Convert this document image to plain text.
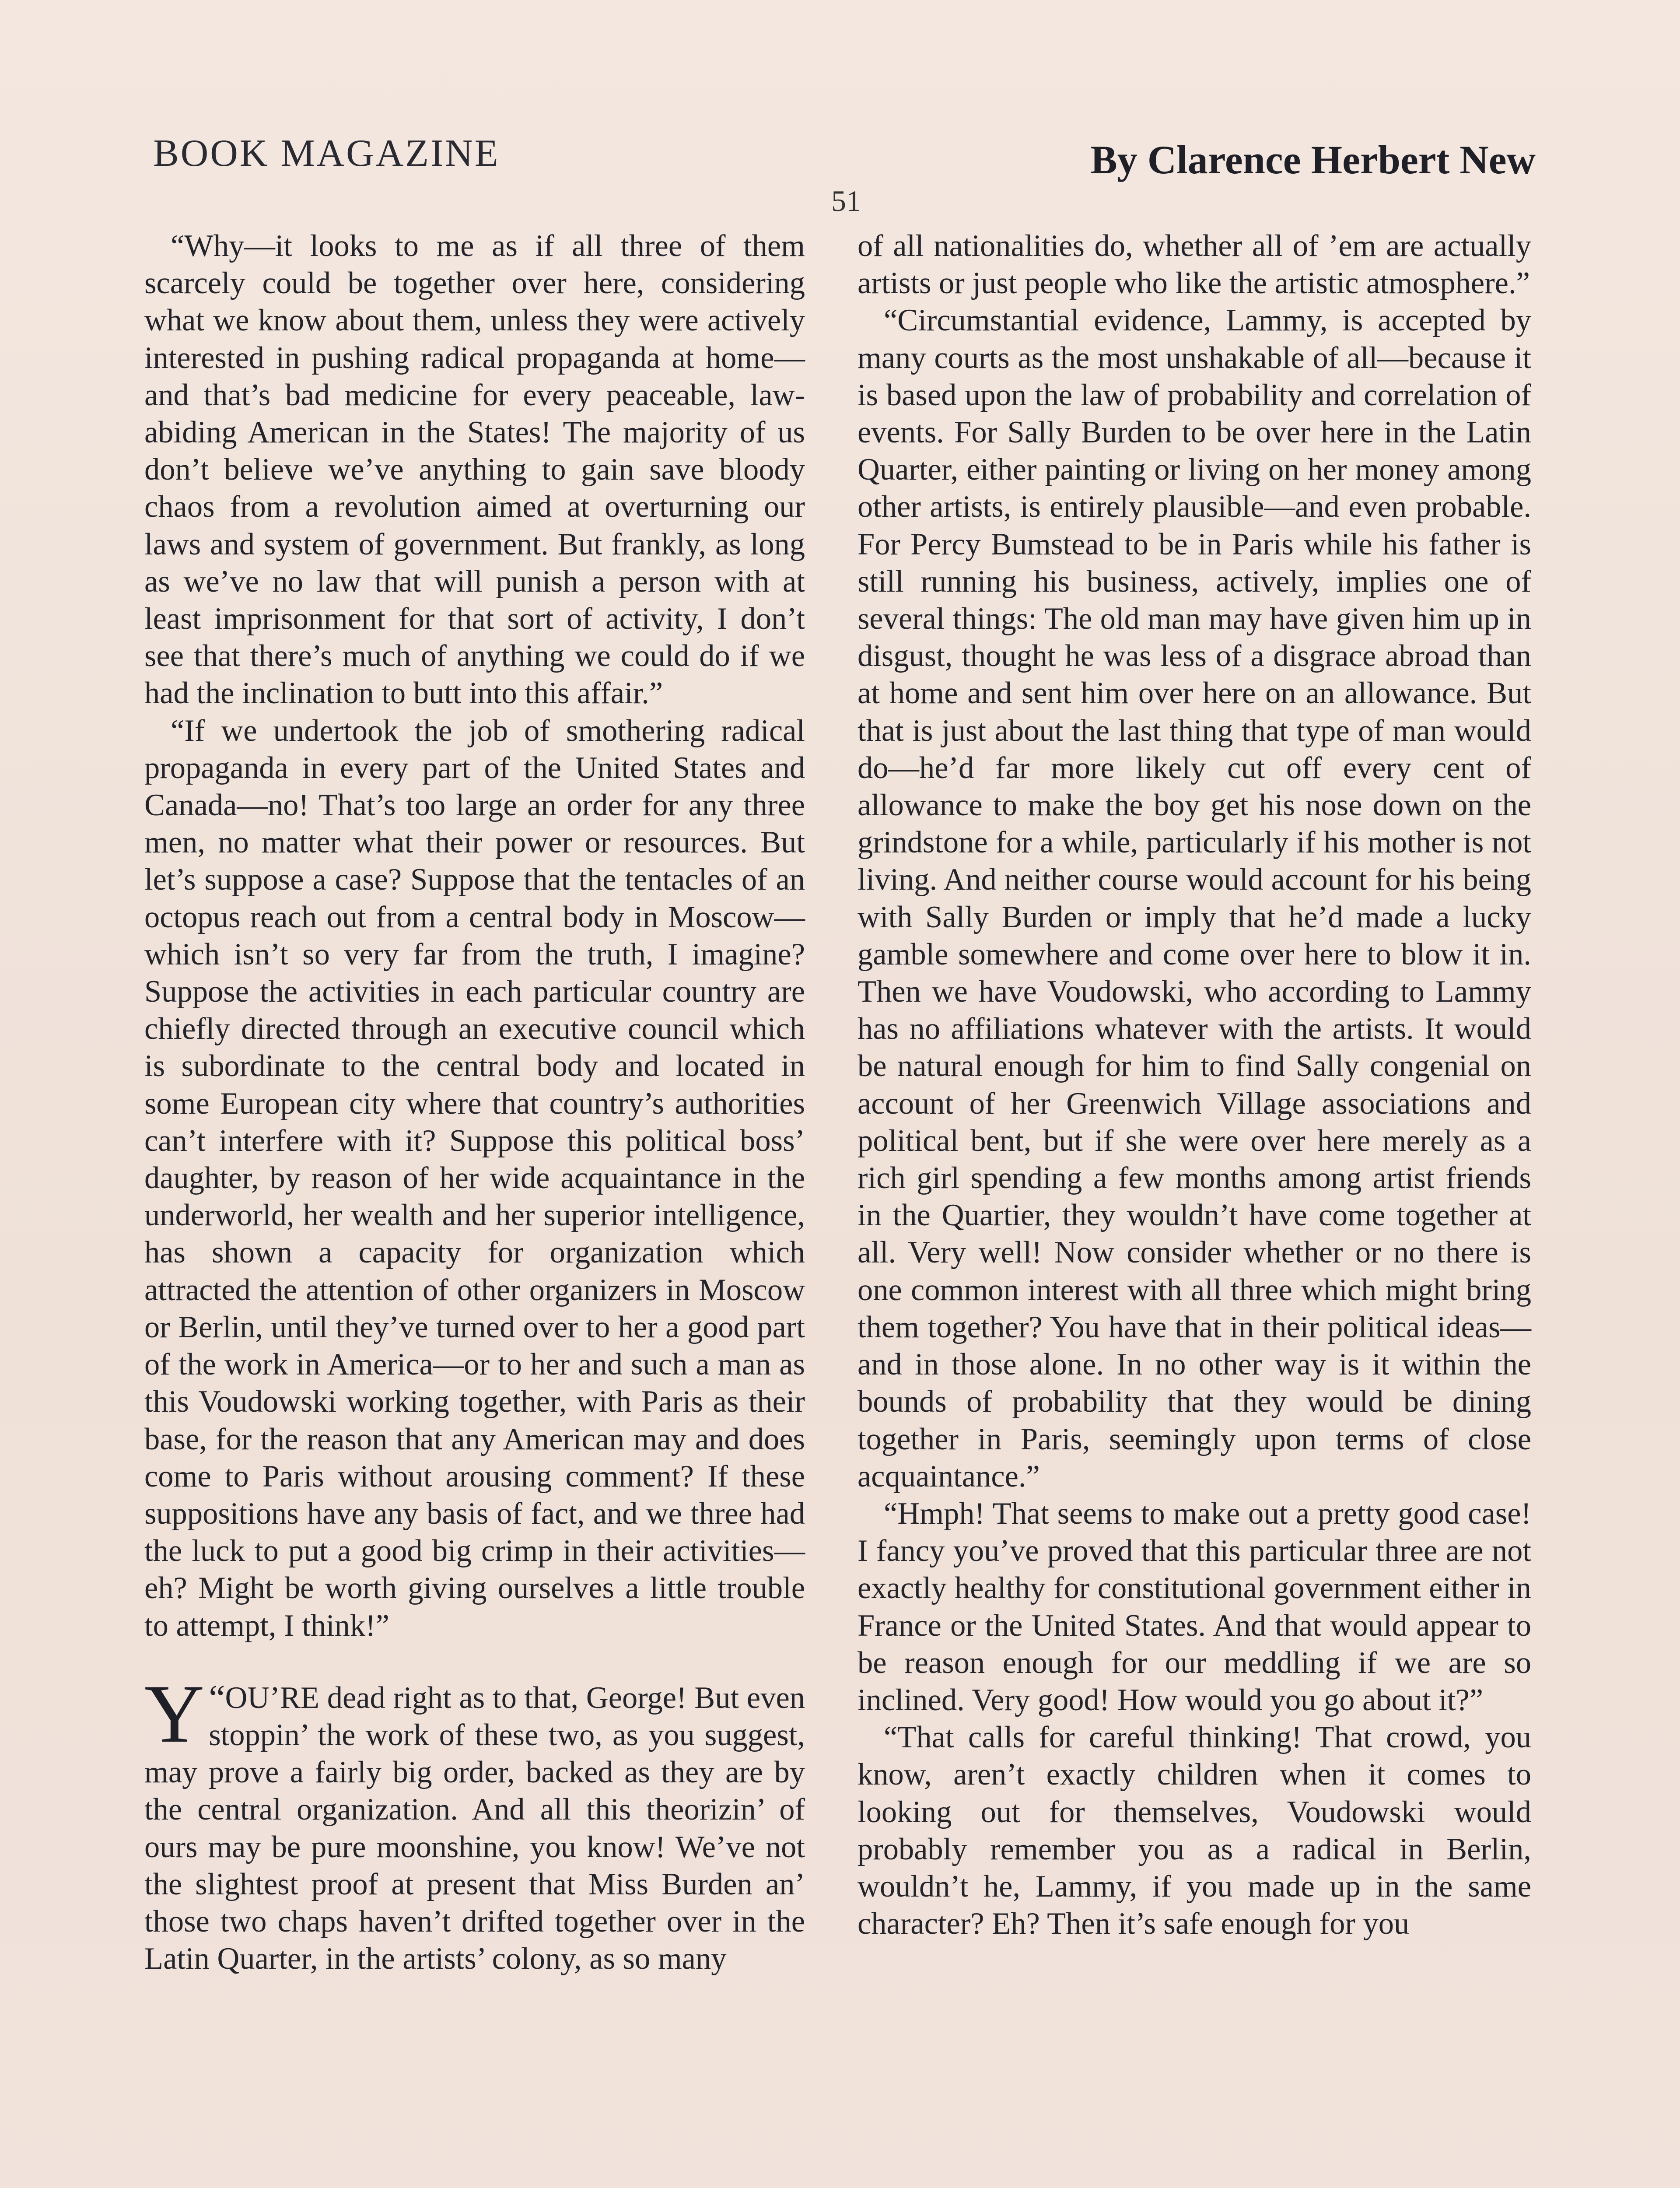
BOOK MAGAZINE	By Clarence Herbert New
51

“Why—it looks to me as if all three of them scarcely could be together over here, considering what we know about them, unless they were actively interested in pushing radical propaganda at home—and that’s bad medicine for every peaceable, law-abiding American in the States! The majority of us don’t believe we’ve anything to gain save bloody chaos from a revolution aimed at overturning our laws and system of government. But frankly, as long as we’ve no law that will punish a person with at least imprisonment for that sort of activity, I don’t see that there’s much of anything we could do if we had the inclination to butt into this affair.”

“If we undertook the job of smothering radical propaganda in every part of the United States and Canada—no! That’s too large an order for any three men, no matter what their power or resources. But let’s suppose a case? Suppose that the tentacles of an octopus reach out from a central body in Moscow—which isn’t so very far from the truth, I imagine? Suppose the activities in each particular country are chiefly directed through an executive council which is subordinate to the central body and located in some European city where that country’s authorities can’t interfere with it? Suppose this political boss’ daughter, by reason of her wide acquaintance in the underworld, her wealth and her superior intelligence, has shown a capacity for organization which attracted the attention of other organizers in Moscow or Berlin, until they’ve turned over to her a good part of the work in America—or to her and such a man as this Voudowski working together, with Paris as their base, for the reason that any American may and does come to Paris without arousing comment? If these suppositions have any basis of fact, and we three had the luck to put a good big crimp in their activities—eh? Might be worth giving ourselves a little trouble to attempt, I think!”

“
Y OU’RE dead right as to that, George! But even stoppin’ the work of these two, as you suggest, may prove a fairly big order, backed as they are by the central organization. And all this theorizin’ of ours may be pure moonshine, you know! We’ve not the slightest proof at present that Miss Burden an’ those two chaps haven’t drifted together over in the Latin Quarter, in the artists’ colony, as so many

of all nationalities do, whether all of ’em are actually artists or just people who like the artistic atmosphere.”

“Circumstantial evidence, Lammy, is accepted by many courts as the most unshakable of all—because it is based upon the law of probability and correlation of events. For Sally Burden to be over here in the Latin Quarter, either painting or living on her money among other artists, is entirely plausible—and even probable. For Percy Bumstead to be in Paris while his father is still running his business, actively, implies one of several things: The old man may have given him up in disgust, thought he was less of a disgrace abroad than at home and sent him over here on an allowance. But that is just about the last thing that type of man would do—he’d far more likely cut off every cent of allowance to make the boy get his nose down on the grindstone for a while, particularly if his mother is not living. And neither course would account for his being with Sally Burden or imply that he’d made a lucky gamble somewhere and come over here to blow it in. Then we have Voudowski, who according to Lammy has no affiliations whatever with the artists. It would be natural enough for him to find Sally congenial on account of her Greenwich Village associations and political bent, but if she were over here merely as a rich girl spending a few months among artist friends in the Quartier, they wouldn’t have come together at all. Very well! Now consider whether or no there is one common interest with all three which might bring them together? You have that in their political ideas—and in those alone. In no other way is it within the bounds of probability that they would be dining together in Paris, seemingly upon terms of close acquaintance.”

“Hmph! That seems to make out a pretty good case! I fancy you’ve proved that this particular three are not exactly healthy for constitutional government either in France or the United States. And that would appear to be reason enough for our meddling if we are so inclined. Very good! How would you go about it?”

“That calls for careful thinking! That crowd, you know, aren’t exactly children when it comes to looking out for themselves, Voudowski would probably remember you as a radical in Berlin, wouldn’t he, Lammy, if you made up in the same character? Eh? Then it’s safe enough for you
